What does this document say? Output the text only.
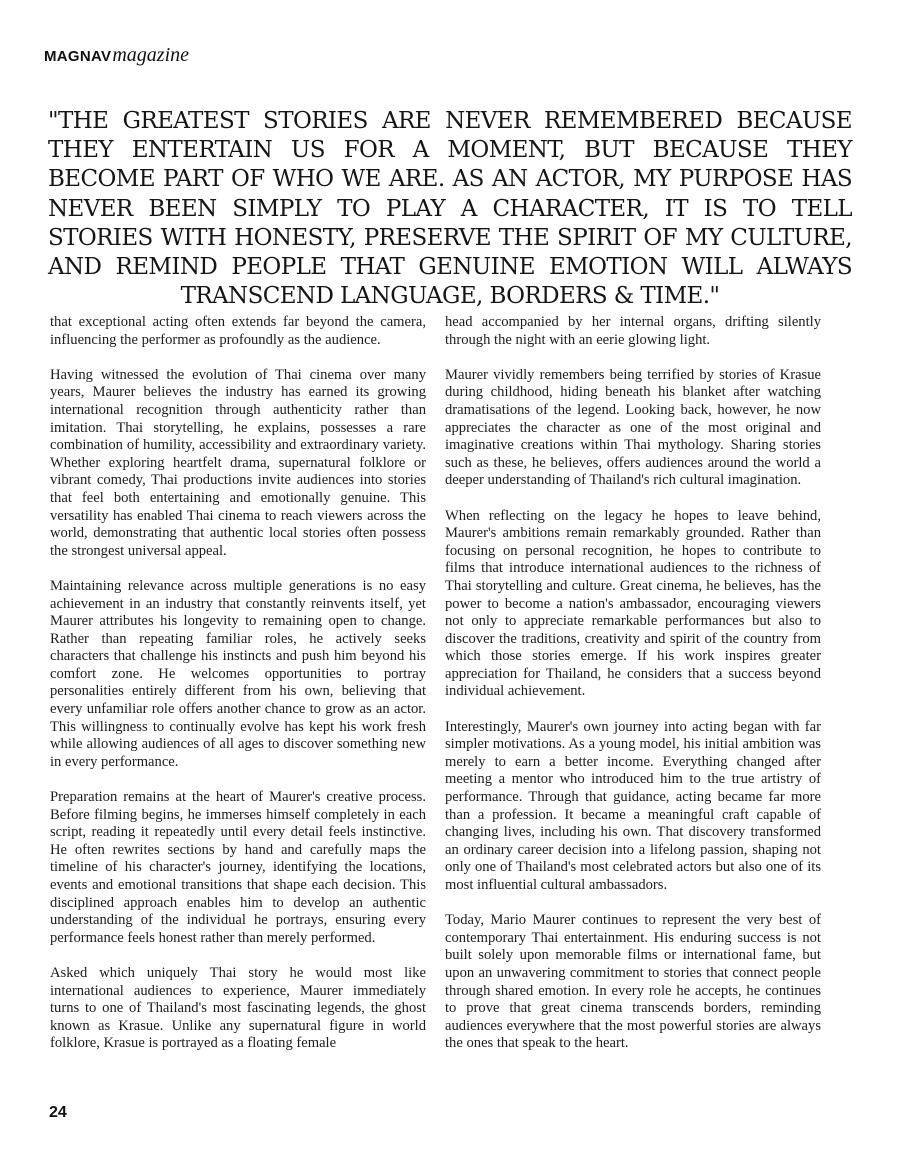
MAGNAVmagazine
"THE GREATEST STORIES ARE NEVER REMEMBERED BECAUSE THEY ENTERTAIN US FOR A MOMENT, BUT BECAUSE THEY BECOME PART OF WHO WE ARE. AS AN ACTOR, MY PURPOSE HAS NEVER BEEN SIMPLY TO PLAY A CHARACTER, IT IS TO TELL STORIES WITH HONESTY, PRESERVE THE SPIRIT OF MY CULTURE, AND REMIND PEOPLE THAT GENUINE EMOTION WILL ALWAYS TRANSCEND LANGUAGE, BORDERS & TIME."

that exceptional acting often extends far beyond the camera, influencing the performer as profoundly as the audience.

Having witnessed the evolution of Thai cinema over many years, Maurer believes the industry has earned its growing international recognition through authenticity rather than imitation. Thai storytelling, he explains, possesses a rare combination of humility, accessibility and extraordinary variety. Whether exploring heartfelt drama, supernatural folklore or vibrant comedy, Thai productions invite audiences into stories that feel both entertaining and emotionally genuine. This versatility has enabled Thai cinema to reach viewers across the world, demonstrating that authentic local stories often possess the strongest universal appeal.

Maintaining relevance across multiple generations is no easy achievement in an industry that constantly reinvents itself, yet Maurer attributes his longevity to remaining open to change. Rather than repeating familiar roles, he actively seeks characters that challenge his instincts and push him beyond his comfort zone. He welcomes opportunities to portray personalities entirely different from his own, believing that every unfamiliar role offers another chance to grow as an actor. This willingness to continually evolve has kept his work fresh while allowing audiences of all ages to discover something new in every performance.

Preparation remains at the heart of Maurer's creative process. Before filming begins, he immerses himself completely in each script, reading it repeatedly until every detail feels instinctive. He often rewrites sections by hand and carefully maps the timeline of his character's journey, identifying the locations, events and emotional transitions that shape each decision. This disciplined approach enables him to develop an authentic understanding of the individual he portrays, ensuring every performance feels honest rather than merely performed.

Asked which uniquely Thai story he would most like international audiences to experience, Maurer immediately turns to one of Thailand's most fascinating legends, the ghost known as Krasue. Unlike any supernatural figure in world folklore, Krasue is portrayed as a floating female

head accompanied by her internal organs, drifting silently through the night with an eerie glowing light.

Maurer vividly remembers being terrified by stories of Krasue during childhood, hiding beneath his blanket after watching dramatisations of the legend. Looking back, however, he now appreciates the character as one of the most original and imaginative creations within Thai mythology. Sharing stories such as these, he believes, offers audiences around the world a deeper understanding of Thailand's rich cultural imagination.

When reflecting on the legacy he hopes to leave behind, Maurer's ambitions remain remarkably grounded. Rather than focusing on personal recognition, he hopes to contribute to films that introduce international audiences to the richness of Thai storytelling and culture. Great cinema, he believes, has the power to become a nation's ambassador, encouraging viewers not only to appreciate remarkable performances but also to discover the traditions, creativity and spirit of the country from which those stories emerge. If his work inspires greater appreciation for Thailand, he considers that a success beyond individual achievement.

Interestingly, Maurer's own journey into acting began with far simpler motivations. As a young model, his initial ambition was merely to earn a better income. Everything changed after meeting a mentor who introduced him to the true artistry of performance. Through that guidance, acting became far more than a profession. It became a meaningful craft capable of changing lives, including his own. That discovery transformed an ordinary career decision into a lifelong passion, shaping not only one of Thailand's most celebrated actors but also one of its most influential cultural ambassadors.

Today, Mario Maurer continues to represent the very best of contemporary Thai entertainment. His enduring success is not built solely upon memorable films or international fame, but upon an unwavering commitment to stories that connect people through shared emotion. In every role he accepts, he continues to prove that great cinema transcends borders, reminding audiences everywhere that the most powerful stories are always the ones that speak to the heart.

24
